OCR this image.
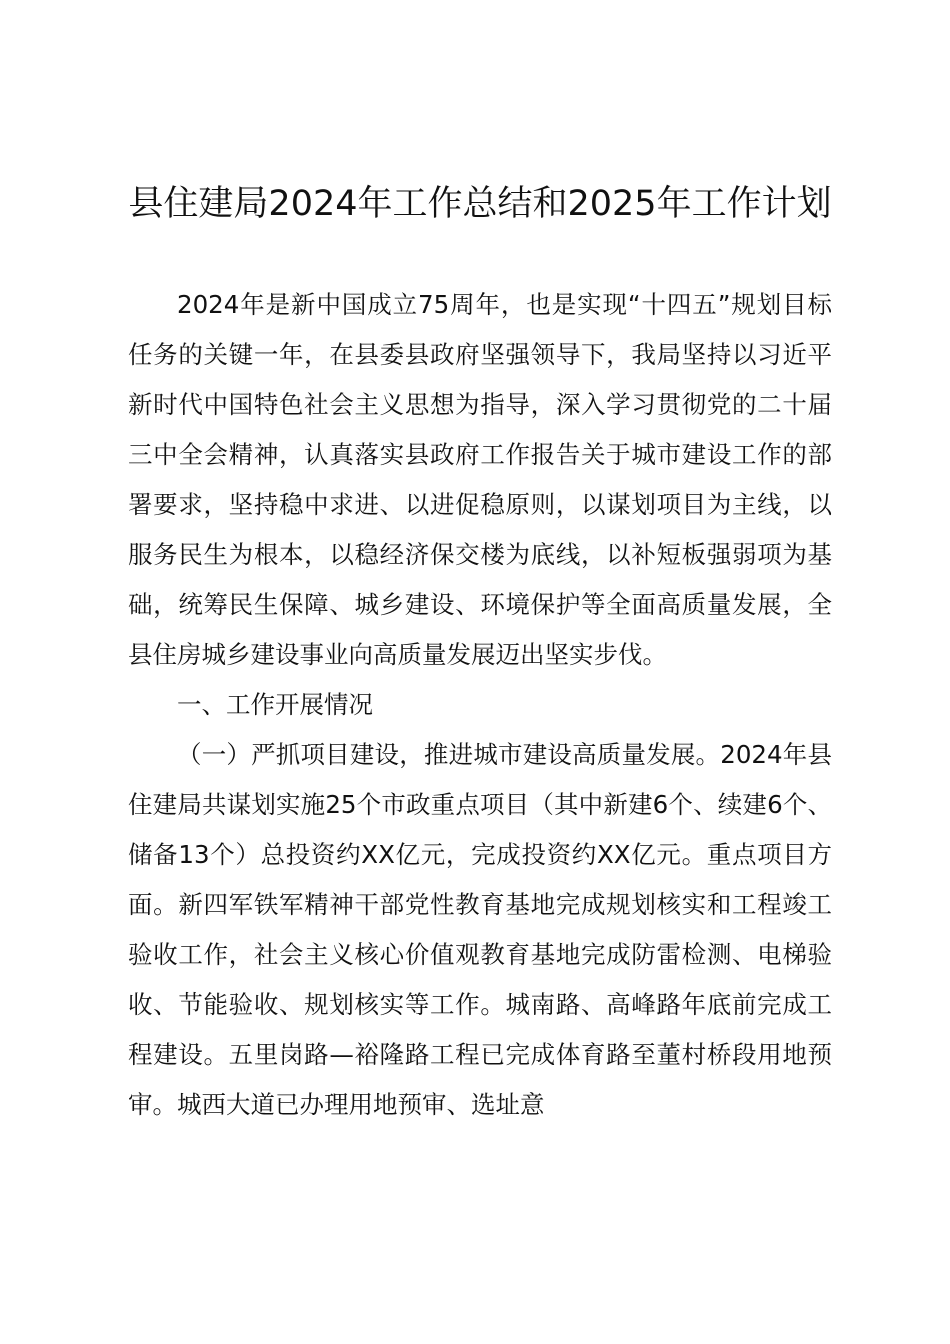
县住建局2024年工作总结和2025年工作计划

2024年是新中国成立75周年，也是实现“十四五”规划目标任务的关键一年，在县委县政府坚强领导下，我局坚持以习近平新时代中国特色社会主义思想为指导，深入学习贯彻党的二十届三中全会精神，认真落实县政府工作报告关于城市建设工作的部署要求，坚持稳中求进、以进促稳原则，以谋划项目为主线，以服务民生为根本，以稳经济保交楼为底线，以补短板强弱项为基础，统筹民生保障、城乡建设、环境保护等全面高质量发展，全县住房城乡建设事业向高质量发展迈出坚实步伐。

一、工作开展情况

（一）严抓项目建设，推进城市建设高质量发展。2024年县住建局共谋划实施25个市政重点项目（其中新建6个、续建6个、储备13个）总投资约XX亿元，完成投资约XX亿元。重点项目方面。新四军铁军精神干部党性教育基地完成规划核实和工程竣工验收工作，社会主义核心价值观教育基地完成防雷检测、电梯验收、节能验收、规划核实等工作。城南路、高峰路年底前完成工程建设。五里岗路—裕隆路工程已完成体育路至董村桥段用地预审。城西大道已办理用地预审、选址意
